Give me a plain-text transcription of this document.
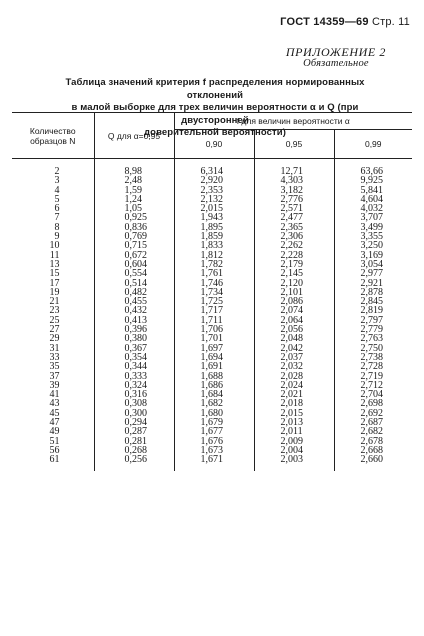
ГОСТ 14359—69 Стр. 11
ПРИЛОЖЕНИЕ 2
Обязательное
Таблица значений критерия f распределения нормированных отклонений
в малой выборке для трех величин вероятности α и Q (при двусторонней
доверительной вероятности)
Количество образцов N	Q для α=0,95	f для величин вероятности α		
		0,90	0,95	0,99
2	8,98	6,314	12,71	63,66
3	2,48	2,920	4,303	9,925
4	1,59	2,353	3,182	5,841
5	1,24	2,132	2,776	4,604
6	1,05	2,015	2,571	4,032
7	0,925	1,943	2,477	3,707
8	0,836	1,895	2,365	3,499
9	0,769	1,859	2,306	3,355
10	0,715	1,833	2,262	3,250
11	0,672	1,812	2,228	3,169
13	0,604	1,782	2,179	3,054
15	0,554	1,761	2,145	2,977
17	0,514	1,746	2,120	2,921
19	0,482	1,734	2,101	2,878
21	0,455	1,725	2,086	2,845
23	0,432	1,717	2,074	2,819
25	0,413	1,711	2,064	2,797
27	0,396	1,706	2,056	2,779
29	0,380	1,701	2,048	2,763
31	0,367	1,697	2,042	2,750
33	0,354	1,694	2,037	2,738
35	0,344	1,691	2,032	2,728
37	0,333	1,688	2,028	2,719
39	0,324	1,686	2,024	2,712
41	0,316	1,684	2,021	2,704
43	0,308	1,682	2,018	2,698
45	0,300	1,680	2,015	2,692
47	0,294	1,679	2,013	2,687
49	0,287	1,677	2,011	2,682
51	0,281	1,676	2,009	2,678
56	0,268	1,673	2,004	2,668
61	0,256	1,671	2,003	2,660
